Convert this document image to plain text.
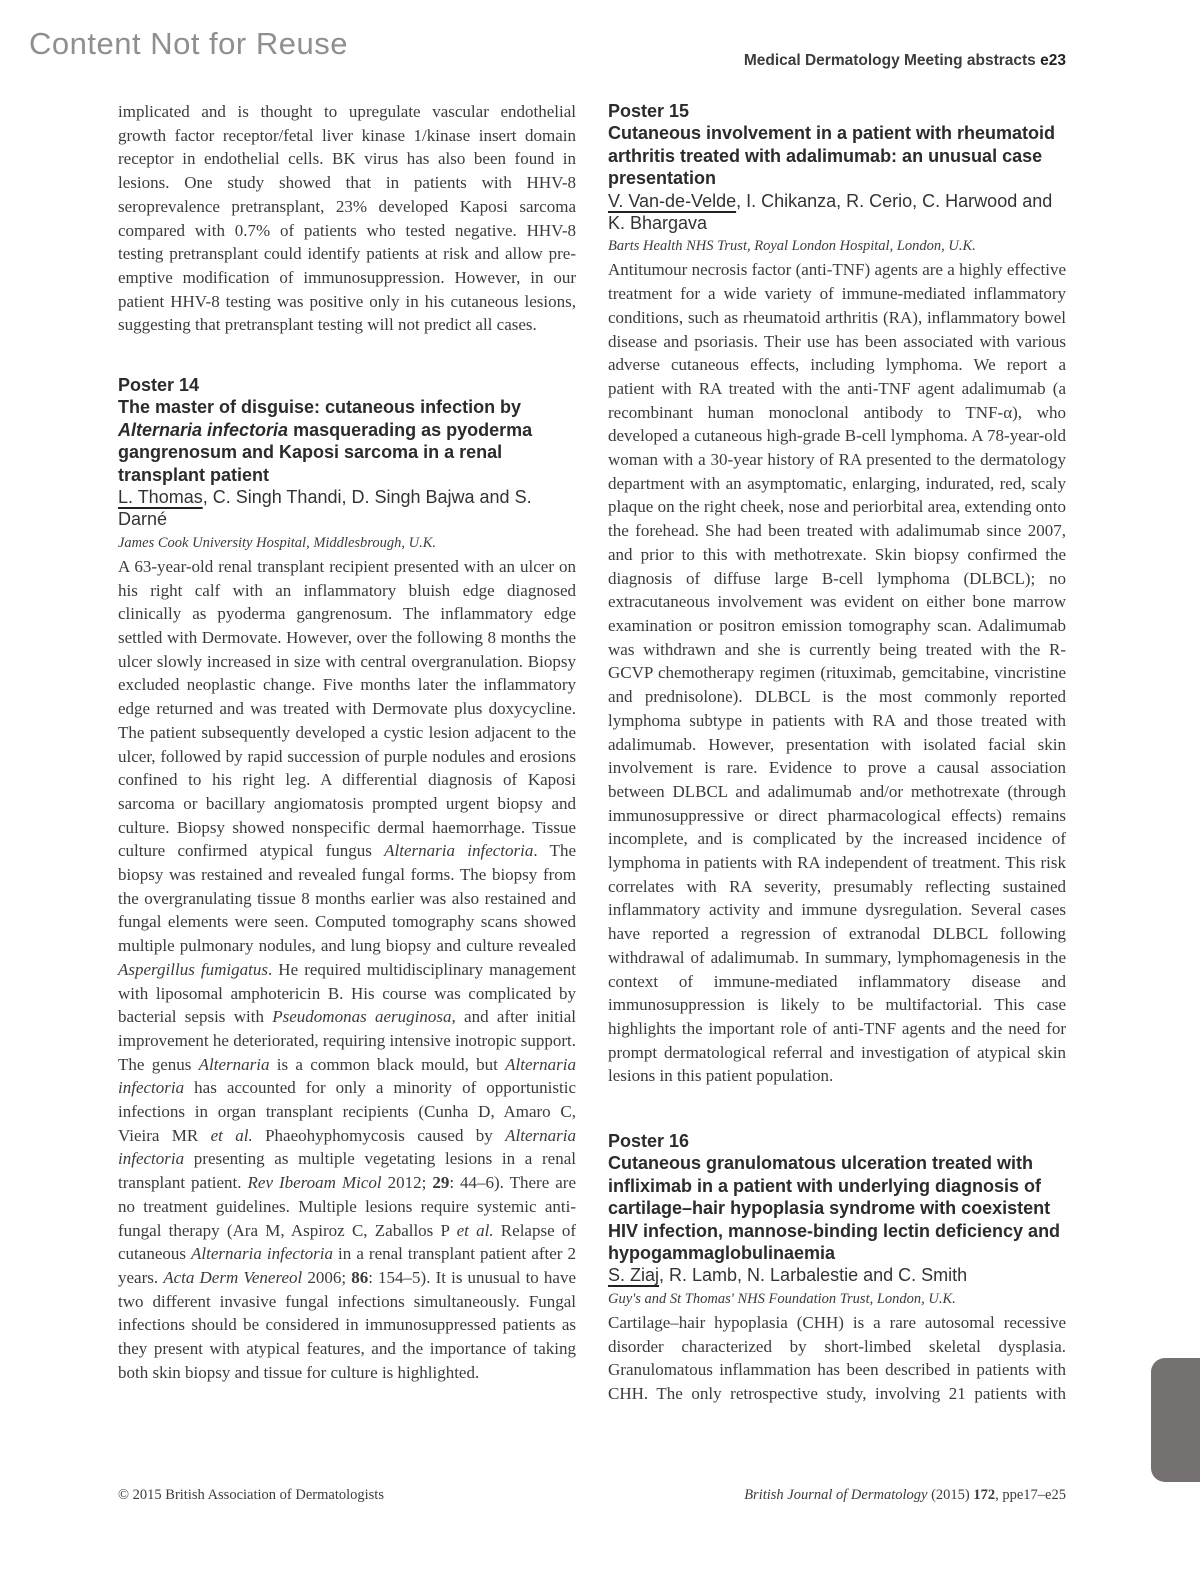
Content Not for Reuse	Medical Dermatology Meeting abstracts e23

implicated and is thought to upregulate vascular endothelial growth factor receptor/fetal liver kinase 1/kinase insert domain receptor in endothelial cells. BK virus has also been found in lesions. One study showed that in patients with HHV-8 seroprevalence pretransplant, 23% developed Kaposi sarcoma compared with 0.7% of patients who tested negative. HHV-8 testing pretransplant could identify patients at risk and allow pre-emptive modification of immunosuppression. However, in our patient HHV-8 testing was positive only in his cutaneous lesions, suggesting that pretransplant testing will not predict all cases.

Poster 14
The master of disguise: cutaneous infection by Alternaria infectoria masquerading as pyoderma gangrenosum and Kaposi sarcoma in a renal transplant patient
L. Thomas, C. Singh Thandi, D. Singh Bajwa and S. Darné
James Cook University Hospital, Middlesbrough, U.K.

A 63-year-old renal transplant recipient presented with an ulcer on his right calf with an inflammatory bluish edge diagnosed clinically as pyoderma gangrenosum. The inflammatory edge settled with Dermovate. However, over the following 8 months the ulcer slowly increased in size with central overgranulation. Biopsy excluded neoplastic change. Five months later the inflammatory edge returned and was treated with Dermovate plus doxycycline. The patient subsequently developed a cystic lesion adjacent to the ulcer, followed by rapid succession of purple nodules and erosions confined to his right leg. A differential diagnosis of Kaposi sarcoma or bacillary angiomatosis prompted urgent biopsy and culture. Biopsy showed nonspecific dermal haemorrhage. Tissue culture confirmed atypical fungus Alternaria infectoria. The biopsy was restained and revealed fungal forms. The biopsy from the overgranulating tissue 8 months earlier was also restained and fungal elements were seen. Computed tomography scans showed multiple pulmonary nodules, and lung biopsy and culture revealed Aspergillus fumigatus. He required multidisciplinary management with liposomal amphotericin B. His course was complicated by bacterial sepsis with Pseudomonas aeruginosa, and after initial improvement he deteriorated, requiring intensive inotropic support. The genus Alternaria is a common black mould, but Alternaria infectoria has accounted for only a minority of opportunistic infections in organ transplant recipients (Cunha D, Amaro C, Vieira MR et al. Phaeohyphomycosis caused by Alternaria infectoria presenting as multiple vegetating lesions in a renal transplant patient. Rev Iberoam Micol 2012; 29: 44–6). There are no treatment guidelines. Multiple lesions require systemic anti-fungal therapy (Ara M, Aspiroz C, Zaballos P et al. Relapse of cutaneous Alternaria infectoria in a renal transplant patient after 2 years. Acta Derm Venereol 2006; 86: 154–5). It is unusual to have two different invasive fungal infections simultaneously. Fungal infections should be considered in immunosuppressed patients as they present with atypical features, and the importance of taking both skin biopsy and tissue for culture is highlighted.

Poster 15
Cutaneous involvement in a patient with rheumatoid arthritis treated with adalimumab: an unusual case presentation
V. Van-de-Velde, I. Chikanza, R. Cerio, C. Harwood and K. Bhargava
Barts Health NHS Trust, Royal London Hospital, London, U.K.

Antitumour necrosis factor (anti-TNF) agents are a highly effective treatment for a wide variety of immune-mediated inflammatory conditions, such as rheumatoid arthritis (RA), inflammatory bowel disease and psoriasis. Their use has been associated with various adverse cutaneous effects, including lymphoma. We report a patient with RA treated with the anti-TNF agent adalimumab (a recombinant human monoclonal antibody to TNF-α), who developed a cutaneous high-grade B-cell lymphoma. A 78-year-old woman with a 30-year history of RA presented to the dermatology department with an asymptomatic, enlarging, indurated, red, scaly plaque on the right cheek, nose and periorbital area, extending onto the forehead. She had been treated with adalimumab since 2007, and prior to this with methotrexate. Skin biopsy confirmed the diagnosis of diffuse large B-cell lymphoma (DLBCL); no extracutaneous involvement was evident on either bone marrow examination or positron emission tomography scan. Adalimumab was withdrawn and she is currently being treated with the R-GCVP chemotherapy regimen (rituximab, gemcitabine, vincristine and prednisolone). DLBCL is the most commonly reported lymphoma subtype in patients with RA and those treated with adalimumab. However, presentation with isolated facial skin involvement is rare. Evidence to prove a causal association between DLBCL and adalimumab and/or methotrexate (through immunosuppressive or direct pharmacological effects) remains incomplete, and is complicated by the increased incidence of lymphoma in patients with RA independent of treatment. This risk correlates with RA severity, presumably reflecting sustained inflammatory activity and immune dysregulation. Several cases have reported a regression of extranodal DLBCL following withdrawal of adalimumab. In summary, lymphomagenesis in the context of immune-mediated inflammatory disease and immunosuppression is likely to be multifactorial. This case highlights the important role of anti-TNF agents and the need for prompt dermatological referral and investigation of atypical skin lesions in this patient population.

Poster 16
Cutaneous granulomatous ulceration treated with infliximab in a patient with underlying diagnosis of cartilage–hair hypoplasia syndrome with coexistent HIV infection, mannose-binding lectin deficiency and hypogammaglobulinaemia
S. Ziaj, R. Lamb, N. Larbalestie and C. Smith
Guy's and St Thomas' NHS Foundation Trust, London, U.K.

Cartilage–hair hypoplasia (CHH) is a rare autosomal recessive disorder characterized by short-limbed skeletal dysplasia. Granulomatous inflammation has been described in patients with CHH. The only retrospective study, involving 21 patients with

© 2015 British Association of Dermatologists	British Journal of Dermatology (2015) 172, ppe17–e25
